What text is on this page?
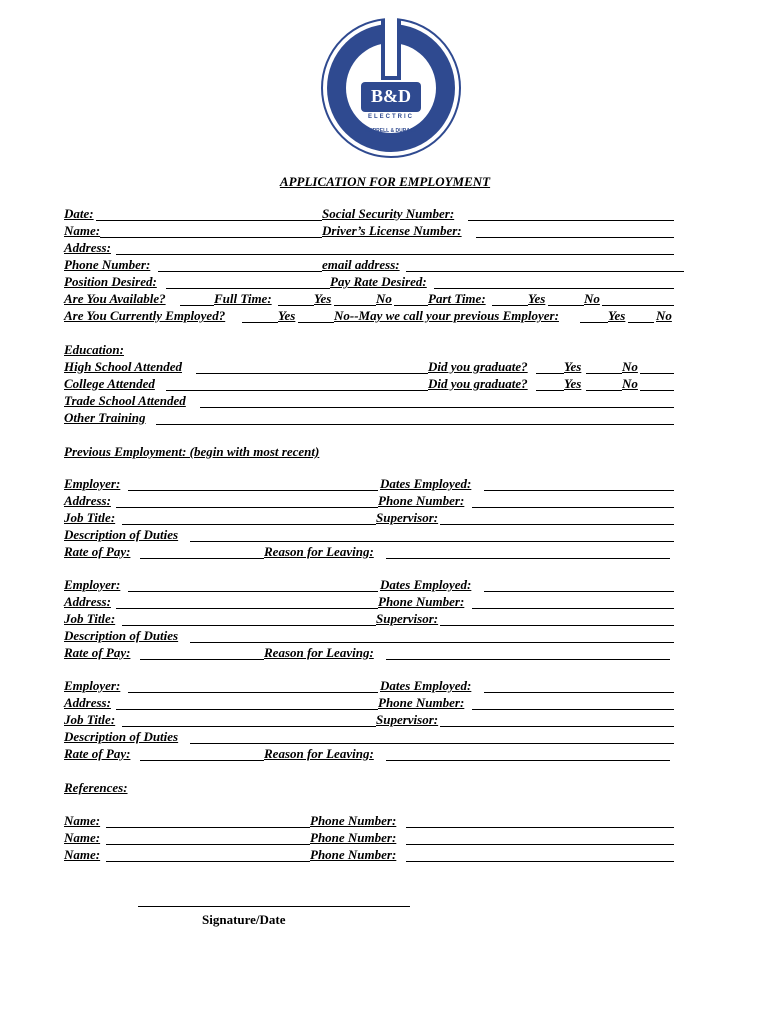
B&D
ELECTRIC
BURRELL & DURACT
APPLICATION FOR EMPLOYMENT
Date:	Social Security Number:
Name:	Driver’s License Number:
Address:
Phone Number:	email address:
Position Desired:	Pay Rate Desired:
Are You Available?	Full Time:	Yes	No	Part Time:	Yes	No
Are You Currently Employed?	Yes	No--May we call your previous Employer:	Yes No
Education:
High School Attended	Did you graduate?	Yes	No
College Attended	Did you graduate?	Yes	No
Trade School Attended
Other Training
Previous Employment: (begin with most recent)
Employer:	Dates Employed:
Address:	Phone Number:
Job Title:	Supervisor:
Description of Duties
Rate of Pay:	Reason for Leaving:
Employer:	Dates Employed:
Address:	Phone Number:
Job Title:	Supervisor:
Description of Duties
Rate of Pay:	Reason for Leaving:
Employer:	Dates Employed:
Address:	Phone Number:
Job Title:	Supervisor:
Description of Duties
Rate of Pay:	Reason for Leaving:
References:
Name:	Phone Number:
Name:	Phone Number:
Name:	Phone Number:
Signature/Date
